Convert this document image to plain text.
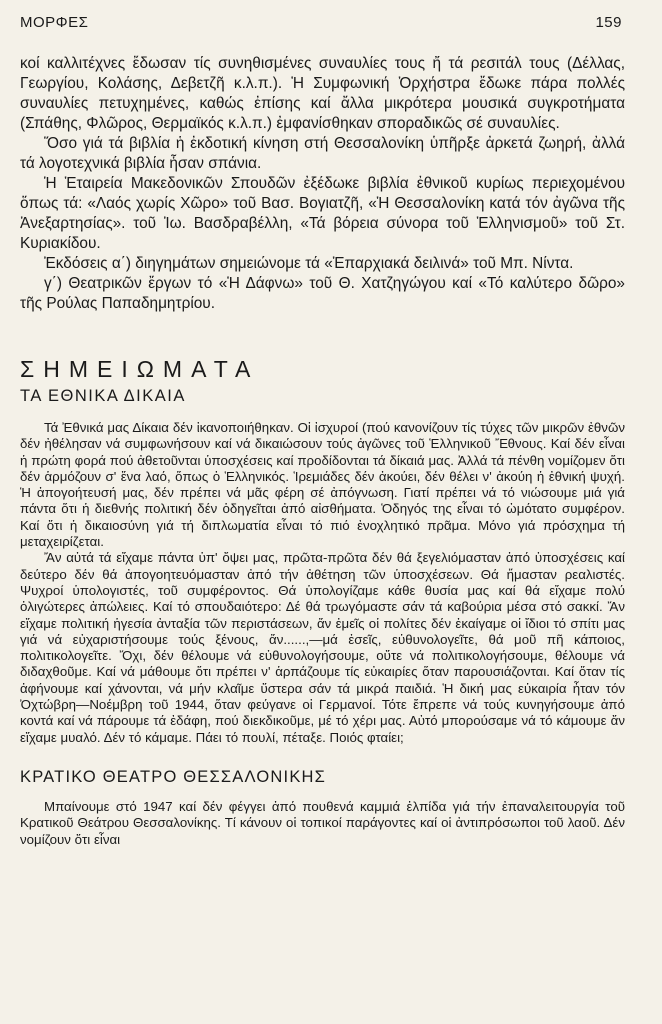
ΜΟΡΦΕΣ	159

κοί καλλιτέχνες ἔδωσαν τίς συνηθισμένες συναυλίες τους ἤ τά ρεσιτάλ τους (Δέλλας, Γεωργίου, Κολάσης, Δεβετζῆ κ.λ.π.). Ἡ Συμφωνική Ὀρχήστρα ἔδωκε πάρα πολλές συναυλίες πετυχημένες, καθώς ἐπίσης καί ἄλλα μικρότερα μουσικά συγκροτήματα (Σπάθης, Φλῶρος, Θερμαϊκός κ.λ.π.) ἐμφανίσθηκαν σποραδικῶς σέ συναυλίες.

Ὅσο γιά τά βιβλία ἡ ἐκδοτική κίνηση στή Θεσσαλονίκη ὑπῆρξε ἀρκετά ζωηρή, ἀλλά τά λογοτεχνικά βιβλία ἦσαν σπάνια.

Ἡ Ἑταιρεία Μακεδονικῶν Σπουδῶν ἐξέδωκε βιβλία ἐθνικοῦ κυρίως περιεχομένου ὅπως τά: «Λαός χωρίς Χῶρο» τοῦ Βασ. Βογιατζῆ, «Ἡ Θεσσαλονίκη κατά τόν ἀγῶνα τῆς Ἀνεξαρτησίας». τοῦ Ἰω. Βασδραβέλλη, «Τά βόρεια σύνορα τοῦ Ἑλληνισμοῦ» τοῦ Στ. Κυριακίδου.

Ἐκδόσεις α΄) διηγημάτων σημειώνομε τά «Ἐπαρχιακά δειλινά» τοῦ Μπ. Νίντα.

γ΄) Θεατρικῶν ἔργων τό «Ἡ Δάφνω» τοῦ Θ. Χατζηγώγου καί «Τό καλύτερο δῶρο» τῆς Ρούλας Παπαδημητρίου.

ΣΗΜΕΙΩΜΑΤΑ
ΤΑ ΕΘΝΙΚΑ ΔΙΚΑΙΑ

Τά Ἐθνικά μας Δίκαια δέν ἱκανοποιήθηκαν. Οἱ ἰσχυροί (πού κανονίζουν τίς τύχες τῶν μικρῶν ἐθνῶν δέν ἠθέλησαν νά συμφωνήσουν καί νά δικαιώσουν τούς ἀγῶνες τοῦ Ἑλληνικοῦ Ἔθνους. Καί δέν εἶναι ἡ πρώτη φορά πού ἀθετοῦνται ὑποσχέσεις καί προδίδονται τά δίκαιά μας. Ἀλλά τά πένθη νομίζομεν ὅτι δέν ἁρμόζουν σ' ἕνα λαό, ὅπως ὁ Ἑλληνικός. Ἱρεμιάδες δέν ἀκούει, δέν θέλει ν' ἀκούη ἡ ἐθνική ψυχή. Ἡ ἀπογοήτευσή μας, δέν πρέπει νά μᾶς φέρη σέ ἀπόγνωση. Γιατί πρέπει νά τό νιώσουμε μιά γιά πάντα ὅτι ἡ διεθνής πολιτική δέν ὁδηγεῖται ἀπό αἰσθήματα. Ὁδηγός της εἶναι τό ὠμότατο συμφέρον. Καί ὅτι ἡ δικαιοσύνη γιά τή διπλωματία εἶναι τό πιό ἐνοχλητικό πρᾶμα. Μόνο γιά πρόσχημα τή μεταχειρίζεται.

Ἄν αὐτά τά εἴχαμε πάντα ὑπ' ὄψει μας, πρῶτα-πρῶτα δέν θά ξεγελιόμασταν ἀπό ὑποσχέσεις καί δεύτερο δέν θά ἀπογοητευόμασταν ἀπό τήν ἀθέτηση τῶν ὑποσχέσεων. Θά ἤμασταν ρεαλιστές. Ψυχροί ὑπολογιστές, τοῦ συμφέροντος. Θά ὑπολογίζαμε κάθε θυσία μας καί θά εἴχαμε πολύ ὀλιγώτερες ἀπώλειες. Καί τό σπουδαιότερο: Δέ θά τρωγόμαστε σάν τά καβούρια μέσα στό σακκί. Ἄν εἴχαμε πολιτική ἡγεσία ἀνταξία τῶν περιστάσεων, ἄν ἐμεῖς οἱ πολίτες δέν ἐκαίγαμε οἱ ἴδιοι τό σπίτι μας γιά νά εὐχαριστήσουμε τούς ξένους, ἄν......,—μά ἐσεῖς, εὐθυνολογεῖτε, θά μοῦ πῆ κάποιος, πολιτικολογεῖτε. Ὄχι, δέν θέλουμε νά εὐθυνολογήσουμε, οὔτε νά πολιτικολογήσουμε, θέλουμε νά διδαχθοῦμε. Καί νά μάθουμε ὅτι πρέπει ν' ἁρπάζουμε τίς εὐκαιρίες ὅταν παρουσιάζονται. Καί ὅταν τίς ἀφήνουμε καί χάνονται, νά μήν κλαῖμε ὕστερα σάν τά μικρά παιδιά. Ἡ δική μας εὐκαιρία ἦταν τόν Ὀχτώβρη—Νοέμβρη τοῦ 1944, ὅταν φεύγανε οἱ Γερμανοί. Τότε ἔπρεπε νά τούς κυνηγήσουμε ἀπό κοντά καί νά πάρουμε τά ἐδάφη, πού διεκδικοῦμε, μέ τό χέρι μας. Αὐτό μπορούσαμε νά τό κάμουμε ἄν εἴχαμε μυαλό. Δέν τό κάμαμε. Πάει τό πουλί, πέταξε. Ποιός φταίει;

ΚΡΑΤΙΚΟ ΘΕΑΤΡΟ ΘΕΣΣΑΛΟΝΙΚΗΣ

Μπαίνουμε στό 1947 καί δέν φέγγει ἀπό πουθενά καμμιά ἐλπίδα γιά τήν ἐπαναλειτουργία τοῦ Κρατικοῦ Θεάτρου Θεσσαλονίκης. Τί κάνουν οἱ τοπικοί παράγοντες καί οἱ ἀντιπρόσωποι τοῦ λαοῦ. Δέν νομίζουν ὅτι εἶναι
